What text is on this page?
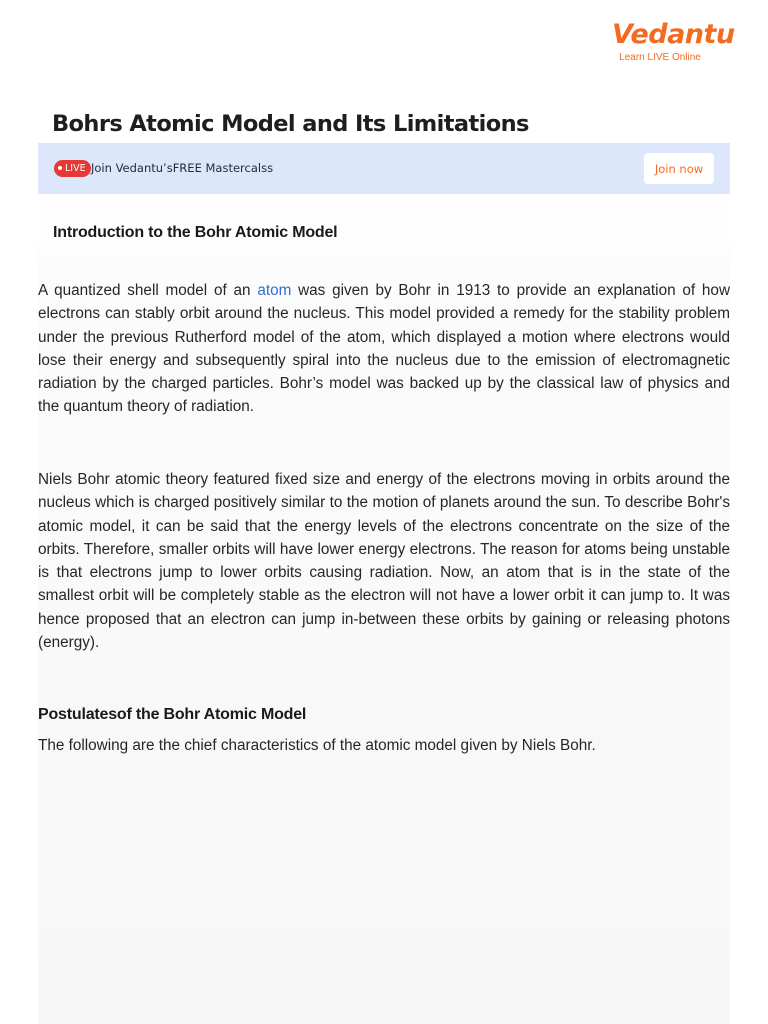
Vedantu
Learn LIVE Online
Bohrs Atomic Model and Its Limitations
LIVE Join Vedantu’sFREE Mastercalss	Join now
Introduction to the Bohr Atomic Model

A quantized shell model of an atom was given by Bohr in 1913 to provide an explanation of how electrons can stably orbit around the nucleus. This model provided a remedy for the stability problem under the previous Rutherford model of the atom, which displayed a motion where electrons would lose their energy and subsequently spiral into the nucleus due to the emission of electromagnetic radiation by the charged particles. Bohr’s model was backed up by the classical law of physics and the quantum theory of radiation.

Niels Bohr atomic theory featured fixed size and energy of the electrons moving in orbits around the nucleus which is charged positively similar to the motion of planets around the sun. To describe Bohr's atomic model, it can be said that the energy levels of the electrons concentrate on the size of the orbits. Therefore, smaller orbits will have lower energy electrons. The reason for atoms being unstable is that electrons jump to lower orbits causing radiation. Now, an atom that is in the state of the smallest orbit will be completely stable as the electron will not have a lower orbit it can jump to. It was hence proposed that an electron can jump in-between these orbits by gaining or releasing photons (energy).

Postulatesof the Bohr Atomic Model

The following are the chief characteristics of the atomic model given by Niels Bohr.
